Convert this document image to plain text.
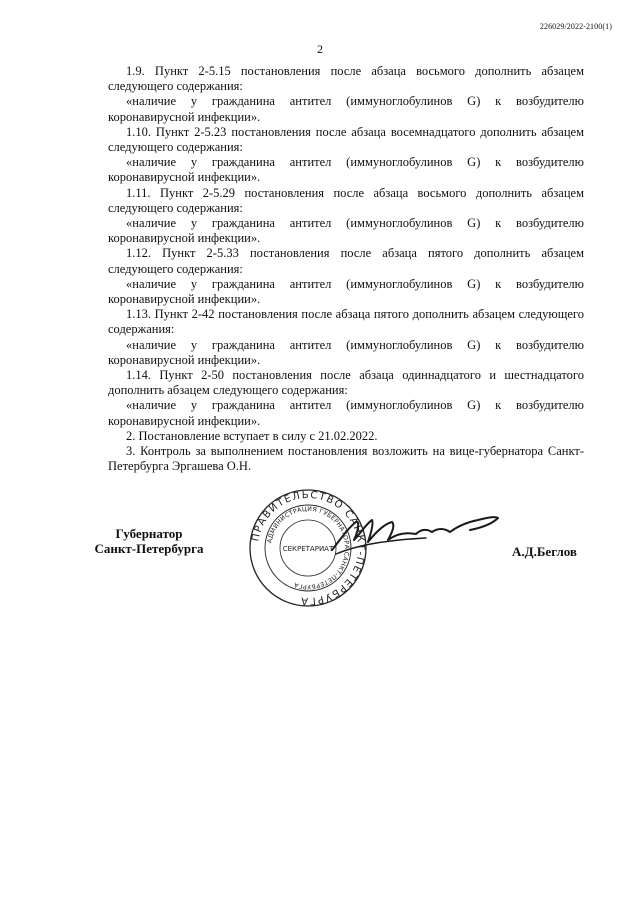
226029/2022-2100(1)
2

1.9. Пункт 2-5.15 постановления после абзаца восьмого дополнить абзацем следующего содержания:

«наличие у гражданина антител (иммуноглобулинов G) к возбудителю коронавирусной инфекции».

1.10. Пункт 2-5.23 постановления после абзаца восемнадцатого дополнить абзацем следующего содержания:

«наличие у гражданина антител (иммуноглобулинов G) к возбудителю коронавирусной инфекции».

1.11. Пункт 2-5.29 постановления после абзаца восьмого дополнить абзацем следующего содержания:

«наличие у гражданина антител (иммуноглобулинов G) к возбудителю коронавирусной инфекции».

1.12. Пункт 2-5.33 постановления после абзаца пятого дополнить абзацем следующего содержания:

«наличие у гражданина антител (иммуноглобулинов G) к возбудителю коронавирусной инфекции».

1.13. Пункт 2-42 постановления после абзаца пятого дополнить абзацем следующего содержания:

«наличие у гражданина антител (иммуноглобулинов G) к возбудителю коронавирусной инфекции».

1.14. Пункт 2-50 постановления после абзаца одиннадцатого и шестнадцатого дополнить абзацем следующего содержания:

«наличие у гражданина антител (иммуноглобулинов G) к возбудителю коронавирусной инфекции».

2. Постановление вступает в силу с 21.02.2022.

3. Контроль за выполнением постановления возложить на вице-губернатора Санкт-Петербурга Эргашева О.Н.

Губернатор
Санкт-Петербурга
ПРАВИТЕЛЬСТВО САНКТ-ПЕТЕРБУРГА
АДМИНИСТРАЦИЯ ГУБЕРНАТОРА САНКТ-ПЕТЕРБУРГА
СЕКРЕТАРИАТ	А.Д.Беглов
